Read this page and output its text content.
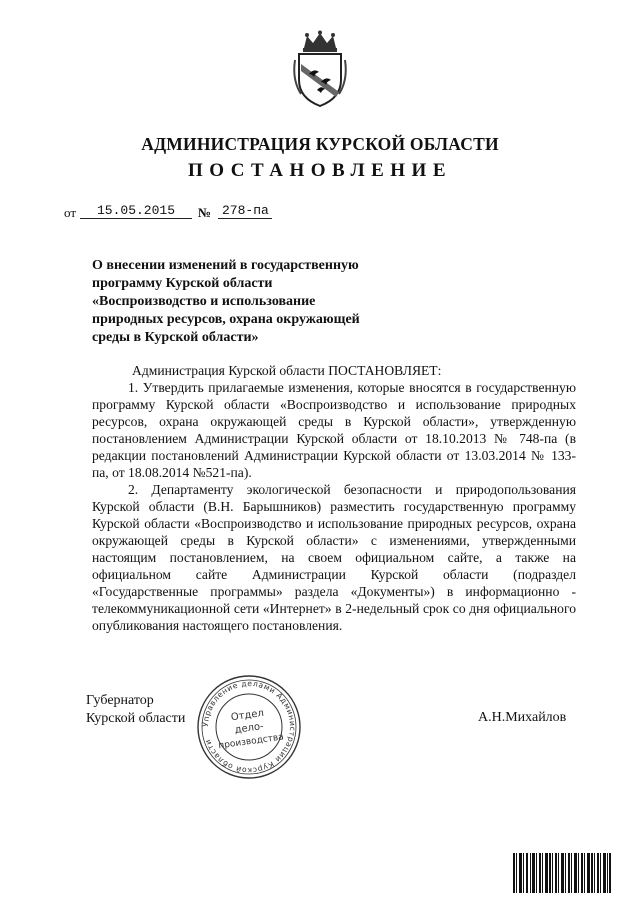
АДМИНИСТРАЦИЯ КУРСКОЙ ОБЛАСТИ
ПОСТАНОВЛЕНИЕ
от	15.05.2015	№ 278-па
О внесении изменений в государственную
программу Курской области
«Воспроизводство и использование
природных ресурсов, охрана окружающей
среды в Курской области»

Администрация Курской области ПОСТАНОВЛЯЕТ:

1. Утвердить прилагаемые изменения, которые вносятся в государственную программу Курской области «Воспроизводство и использование природных ресурсов, охрана окружающей среды в Курской области», утвержденную постановлением Администрации Курской области от 18.10.2013 № 748-па (в редакции постановлений Администрации Курской области от 13.03.2014 № 133-па, от 18.08.2014 №521-па).

2. Департаменту экологической безопасности и природопользования Курской области (В.Н. Барышников) разместить государственную программу Курской области «Воспроизводство и использование природных ресурсов, охрана окружающей среды в Курской области» с изменениями, утвержденными настоящим постановлением, на своем официальном сайте, а также на официальном сайте Администрации Курской области (подраздел «Государственные программы» раздела «Документы») в информационно - телекоммуникационной сети «Интернет» в 2-недельный срок со дня официального опубликования настоящего постановления.

Губернатор
Курской области	А.Н.Михайлов
Управление делами Администрации Курской области
Отдел
дело-
производства
